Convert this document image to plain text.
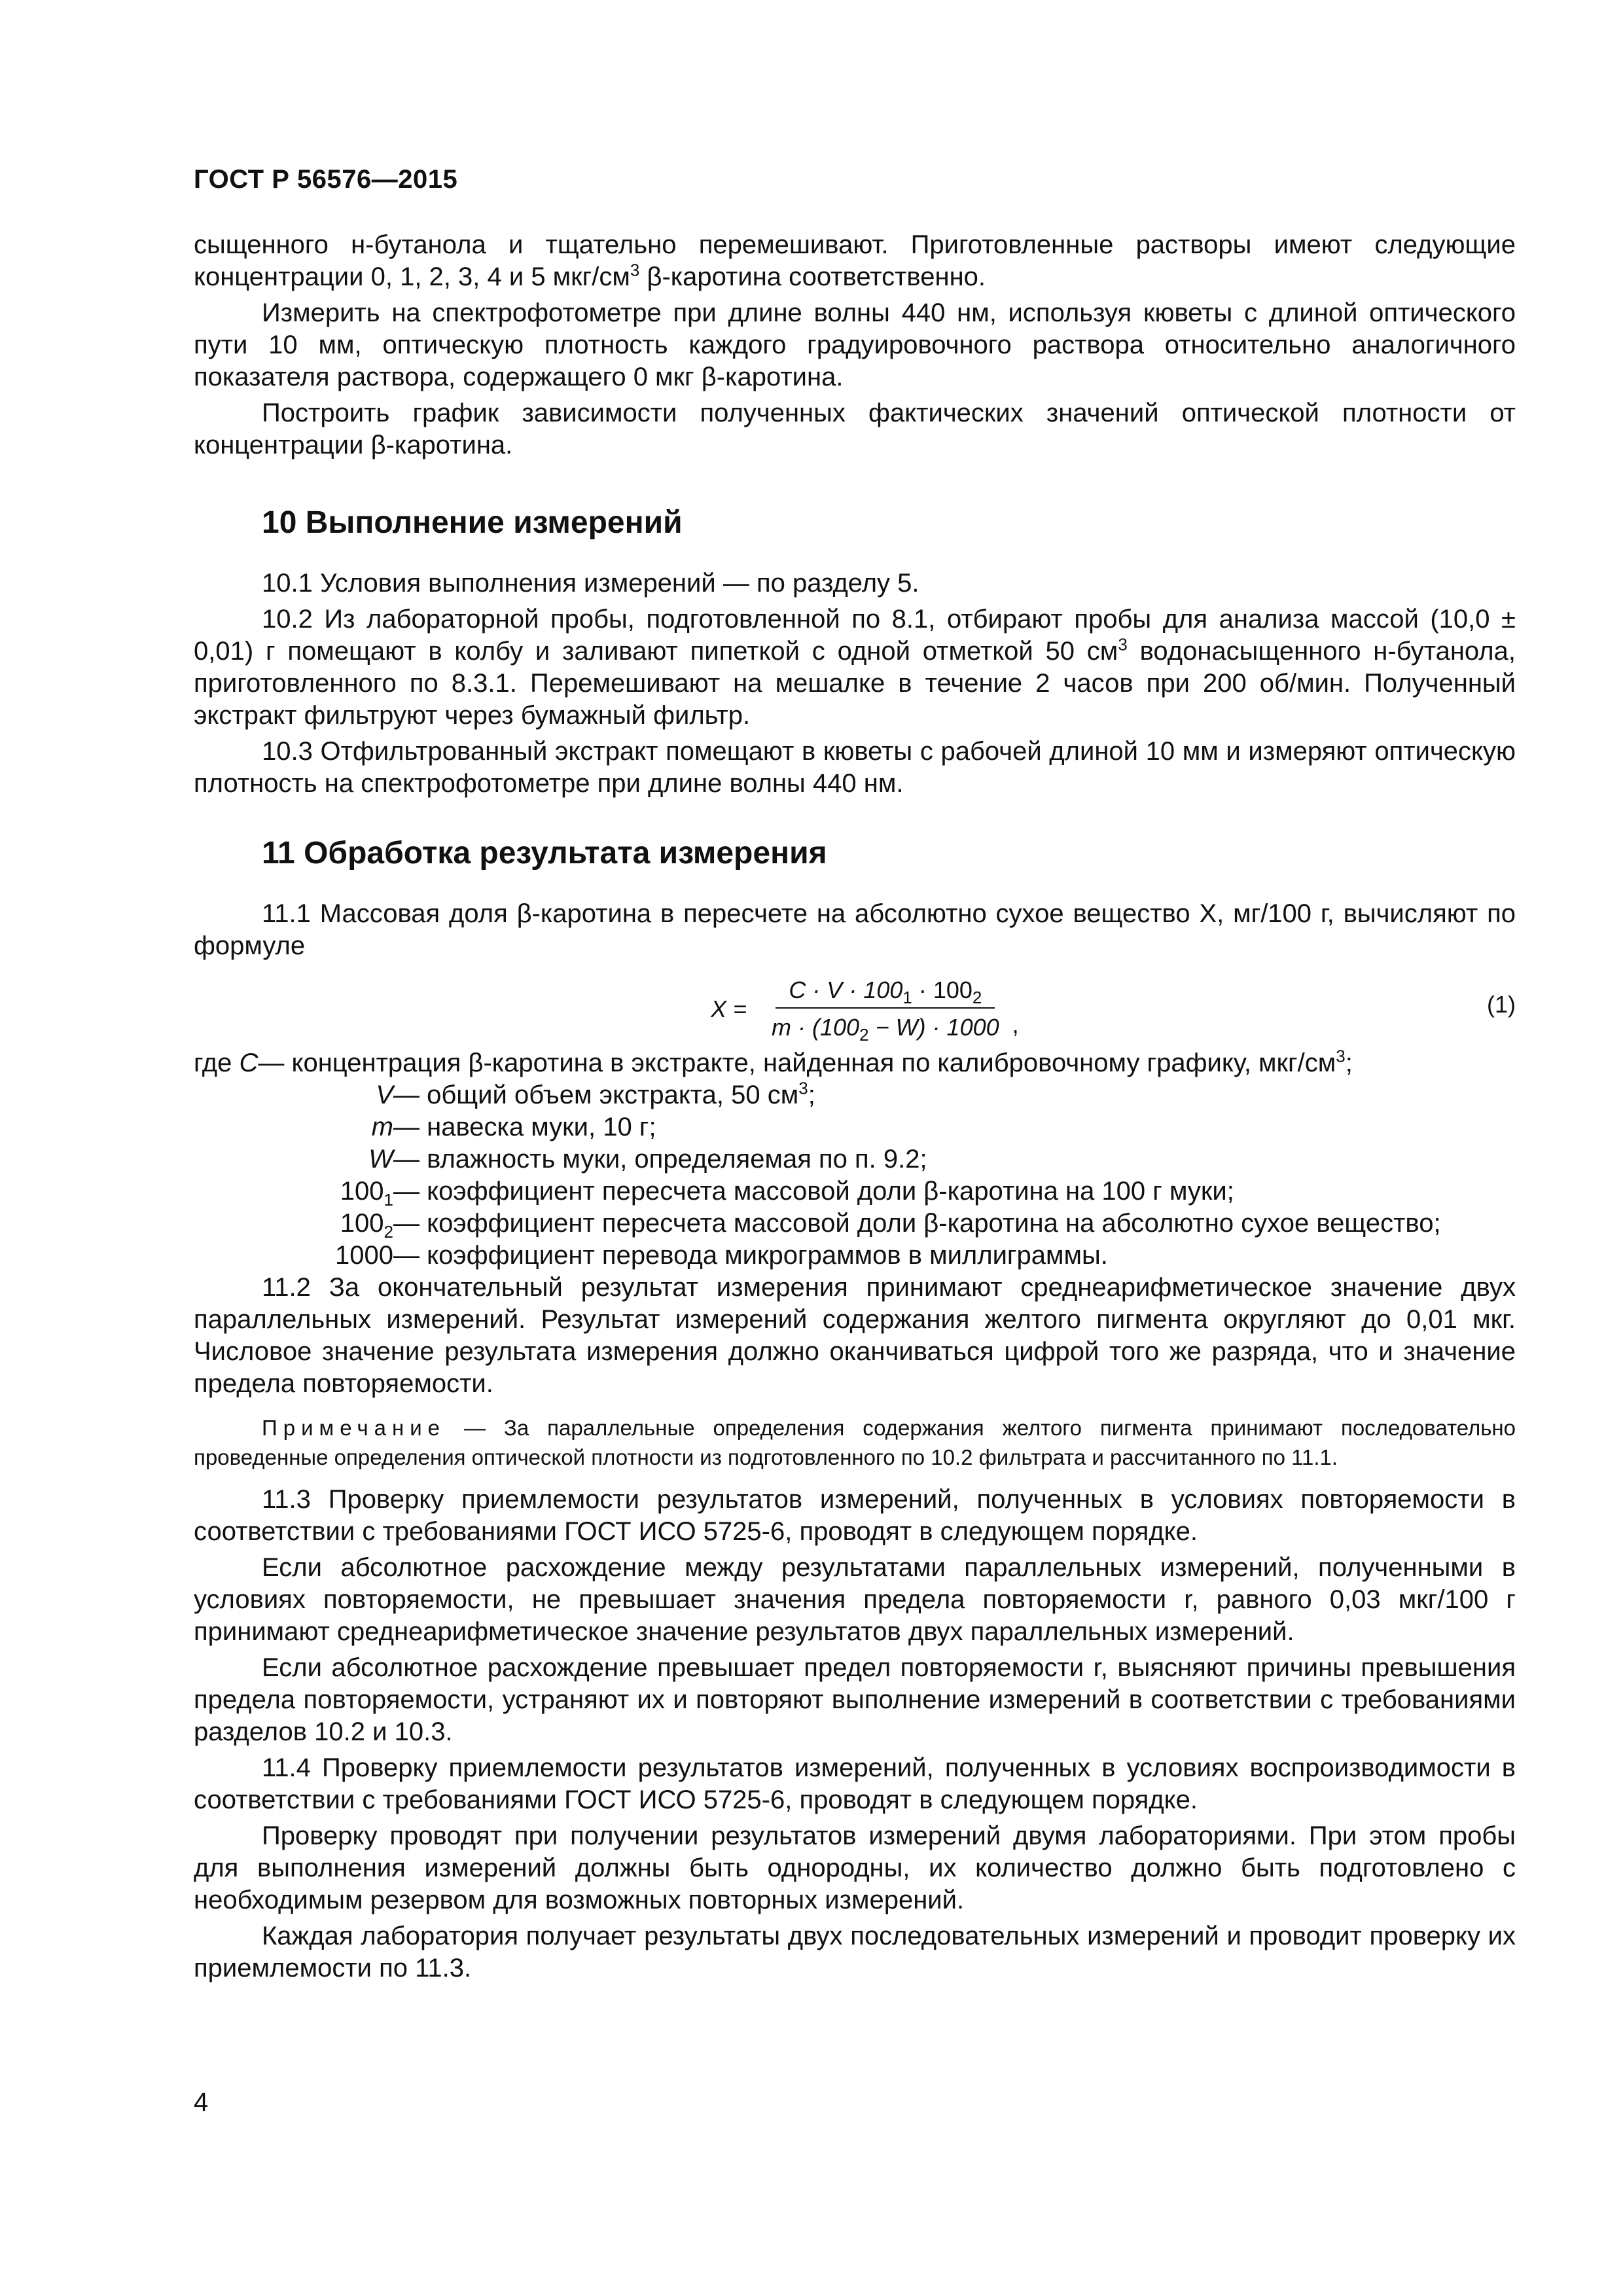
ГОСТ Р 56576—2015

сыщенного н-бутанола и тщательно перемешивают. Приготовленные растворы имеют следующие концентрации 0, 1, 2, 3, 4 и 5 мкг/$см^3$ β-каротина соответственно.

Измерить на спектрофотометре при длине волны 440 нм, используя кюветы с длиной оптического пути 10 мм, оптическую плотность каждого градуировочного раствора относительно аналогичного показателя раствора, содержащего 0 мкг β-каротина.

Построить график зависимости полученных фактических значений оптической плотности от концентрации β-каротина.

10 Выполнение измерений

10.1 Условия выполнения измерений — по разделу 5.

10.2 Из лабораторной пробы, подготовленной по 8.1, отбирают пробы для анализа массой (10,0 ± 0,01) г помещают в колбу и заливают пипеткой с одной отметкой 50 $см^3$ водонасыщенного н-бутанола, приготовленного по 8.3.1. Перемешивают на мешалке в течение 2 часов при 200 об/мин. Полученный экстракт фильтруют через бумажный фильтр.

10.3 Отфильтрованный экстракт помещают в кюветы с рабочей длиной 10 мм и измеряют оптическую плотность на спектрофотометре при длине волны 440 нм.

11 Обработка результата измерения

11.1 Массовая доля β-каротина в пересчете на абсолютно сухое вещество X, мг/100 г, вычисляют по формуле

$X = \frac{C \cdot V \cdot 100_1 \cdot 100_2}{m \cdot (100_2 - W) \cdot 1000}$ ,
(1)
где C — концентрация β-каротина в экстракте, найденная по калибровочному графику, мкг/$см^3$;
V — общий объем экстракта, 50 $см^3$;
m — навеска муки, 10 г;
W — влажность муки, определяемая по п. 9.2;
$100_1$ — коэффициент пересчета массовой доли β-каротина на 100 г муки;
$100_2$ — коэффициент пересчета массовой доли β-каротина на абсолютно сухое вещество;
1000 — коэффициент перевода микрограммов в миллиграммы.

11.2 За окончательный результат измерения принимают среднеарифметическое значение двух параллельных измерений. Результат измерений содержания желтого пигмента округляют до 0,01 мкг. Числовое значение результата измерения должно оканчиваться цифрой того же разряда, что и значение предела повторяемости.

Примечание — За параллельные определения содержания желтого пигмента принимают последовательно проведенные определения оптической плотности из подготовленного по 10.2 фильтрата и рассчитанного по 11.1.

11.3 Проверку приемлемости результатов измерений, полученных в условиях повторяемости в соответствии с требованиями ГОСТ ИСО 5725-6, проводят в следующем порядке.

Если абсолютное расхождение между результатами параллельных измерений, полученными в условиях повторяемости, не превышает значения предела повторяемости r, равного 0,03 мкг/100 г принимают среднеарифметическое значение результатов двух параллельных измерений.

Если абсолютное расхождение превышает предел повторяемости r, выясняют причины превышения предела повторяемости, устраняют их и повторяют выполнение измерений в соответствии с требованиями разделов 10.2 и 10.3.

11.4 Проверку приемлемости результатов измерений, полученных в условиях воспроизводимости в соответствии с требованиями ГОСТ ИСО 5725-6, проводят в следующем порядке.

Проверку проводят при получении результатов измерений двумя лабораториями. При этом пробы для выполнения измерений должны быть однородны, их количество должно быть подготовлено с необходимым резервом для возможных повторных измерений.

Каждая лаборатория получает результаты двух последовательных измерений и проводит проверку их приемлемости по 11.3.

4
